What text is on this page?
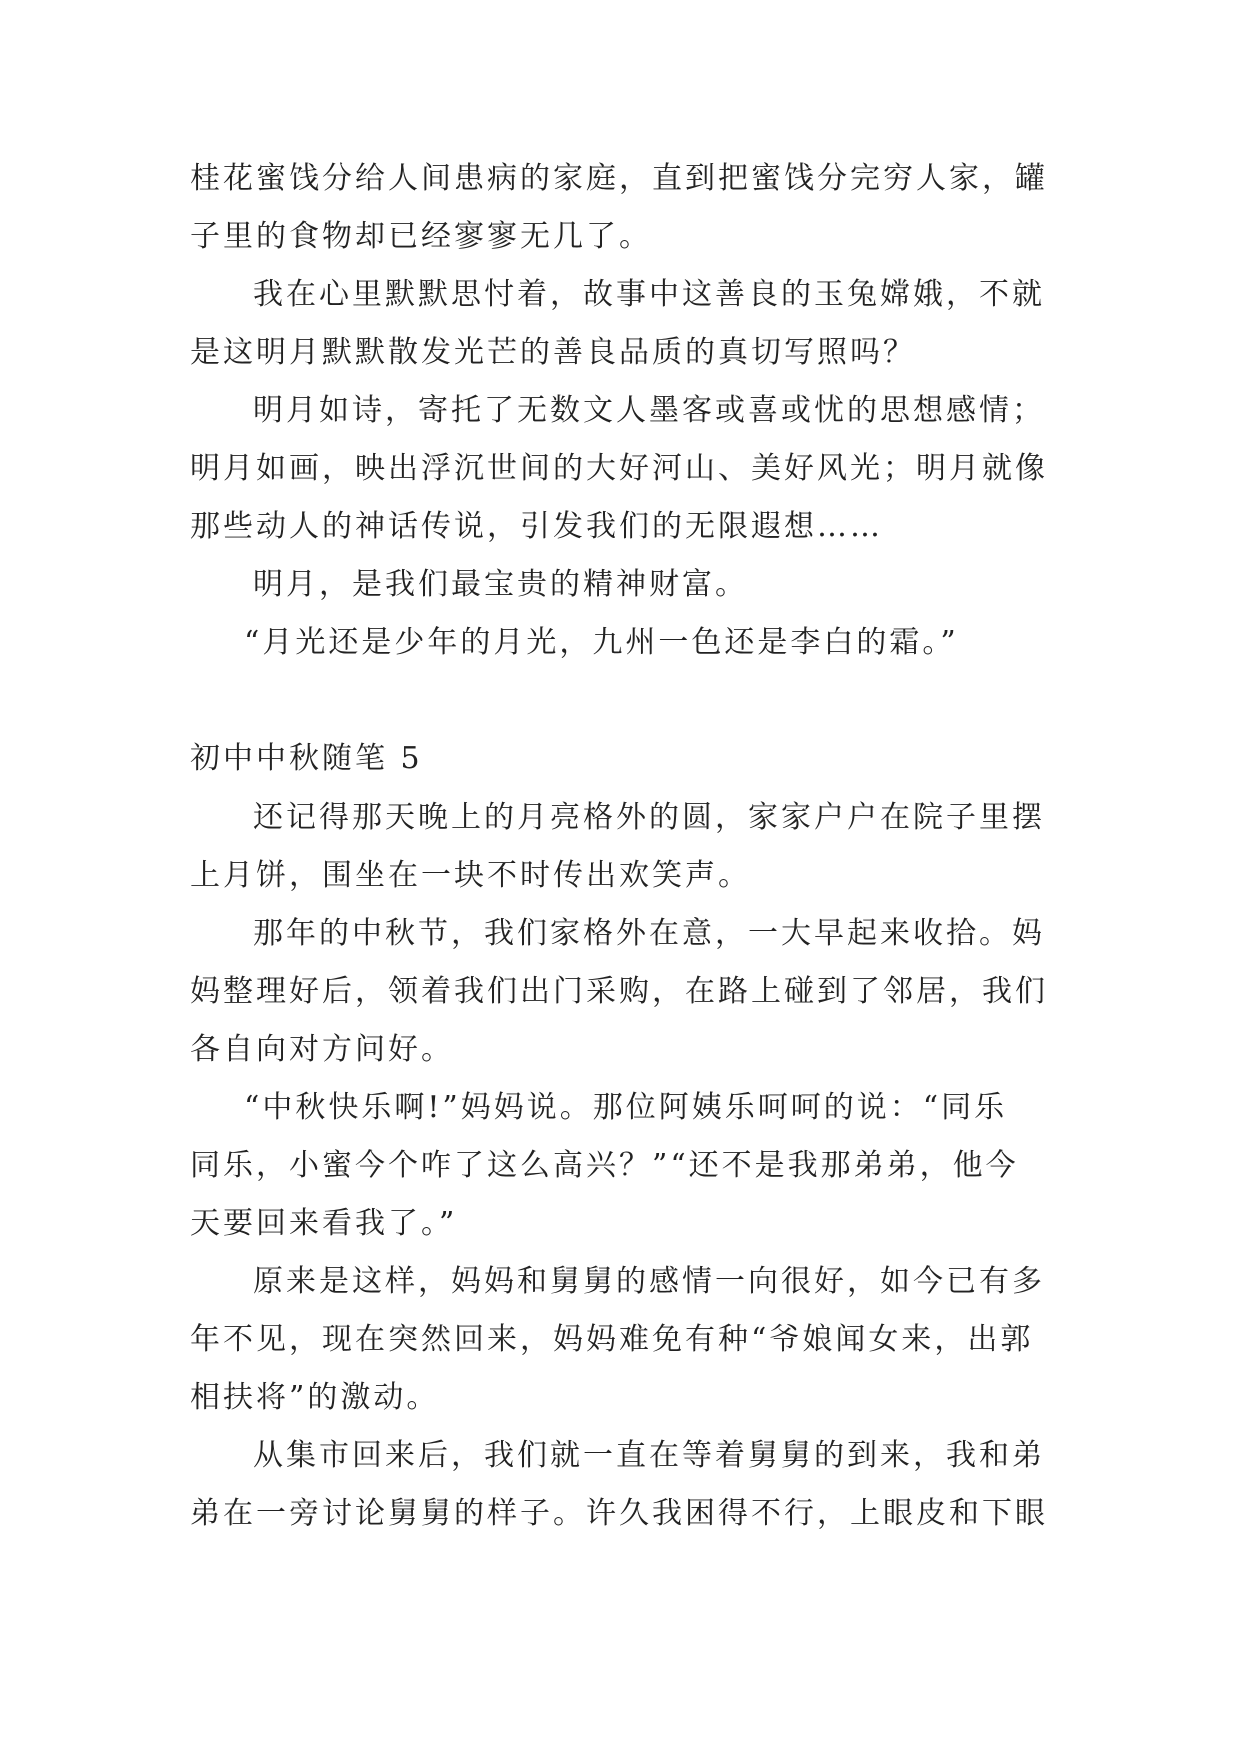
桂花蜜饯分给人间患病的家庭，直到把蜜饯分完穷人家，罐
子里的食物却已经寥寥无几了。
我在心里默默思忖着，故事中这善良的玉兔嫦娥，不就
是这明月默默散发光芒的善良品质的真切写照吗？
明月如诗，寄托了无数文人墨客或喜或忧的思想感情；
明月如画，映出浮沉世间的大好河山、美好风光；明月就像
那些动人的神话传说，引发我们的无限遐想……
明月，是我们最宝贵的精神财富。
“月光还是少年的月光，九州一色还是李白的霜。”
初中中秋随笔 5
还记得那天晚上的月亮格外的圆，家家户户在院子里摆
上月饼，围坐在一块不时传出欢笑声。
那年的中秋节，我们家格外在意，一大早起来收拾。妈
妈整理好后，领着我们出门采购，在路上碰到了邻居，我们
各自向对方问好。
“中秋快乐啊!”妈妈说。那位阿姨乐呵呵的说：“同乐
同乐，小蜜今个咋了这么高兴？”“还不是我那弟弟，他今
天要回来看我了。”
原来是这样，妈妈和舅舅的感情一向很好，如今已有多
年不见，现在突然回来，妈妈难免有种“爷娘闻女来，出郭
相扶将”的激动。
从集市回来后，我们就一直在等着舅舅的到来，我和弟
弟在一旁讨论舅舅的样子。许久我困得不行，上眼皮和下眼
